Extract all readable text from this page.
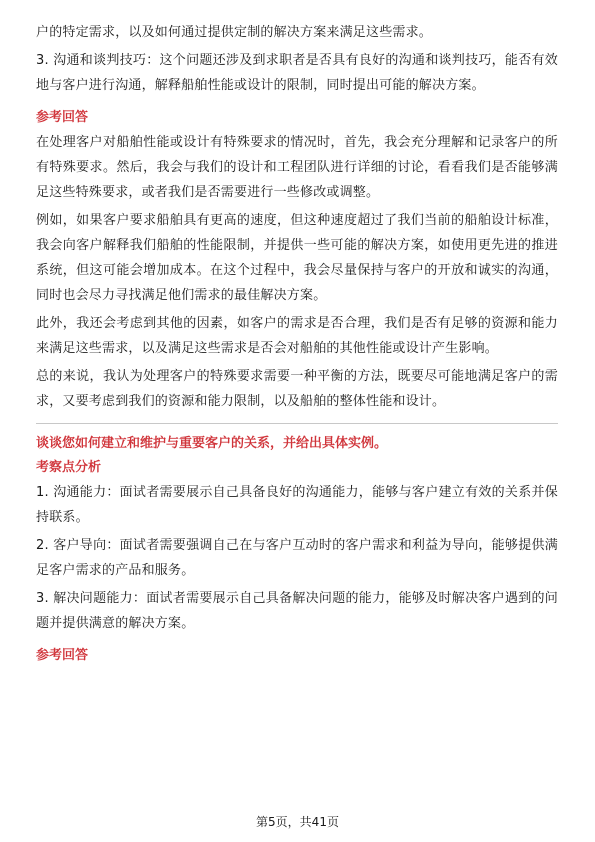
户的特定需求，以及如何通过提供定制的解决方案来满足这些需求。

3. 沟通和谈判技巧：这个问题还涉及到求职者是否具有良好的沟通和谈判技巧，能否有效地与客户进行沟通，解释船舶性能或设计的限制，同时提出可能的解决方案。

参考回答

在处理客户对船舶性能或设计有特殊要求的情况时，首先，我会充分理解和记录客户的所有特殊要求。然后，我会与我们的设计和工程团队进行详细的讨论，看看我们是否能够满足这些特殊要求，或者我们是否需要进行一些修改或调整。

例如，如果客户要求船舶具有更高的速度，但这种速度超过了我们当前的船舶设计标准，我会向客户解释我们船舶的性能限制，并提供一些可能的解决方案，如使用更先进的推进系统，但这可能会增加成本。在这个过程中，我会尽量保持与客户的开放和诚实的沟通，同时也会尽力寻找满足他们需求的最佳解决方案。

此外，我还会考虑到其他的因素，如客户的需求是否合理，我们是否有足够的资源和能力来满足这些需求，以及满足这些需求是否会对船舶的其他性能或设计产生影响。

总的来说，我认为处理客户的特殊要求需要一种平衡的方法，既要尽可能地满足客户的需求，又要考虑到我们的资源和能力限制，以及船舶的整体性能和设计。

谈谈您如何建立和维护与重要客户的关系，并给出具体实例。

考察点分析

1. 沟通能力：面试者需要展示自己具备良好的沟通能力，能够与客户建立有效的关系并保持联系。

2. 客户导向：面试者需要强调自己在与客户互动时的客户需求和利益为导向，能够提供满足客户需求的产品和服务。

3. 解决问题能力：面试者需要展示自己具备解决问题的能力，能够及时解决客户遇到的问题并提供满意的解决方案。

参考回答

第5页，共41页
